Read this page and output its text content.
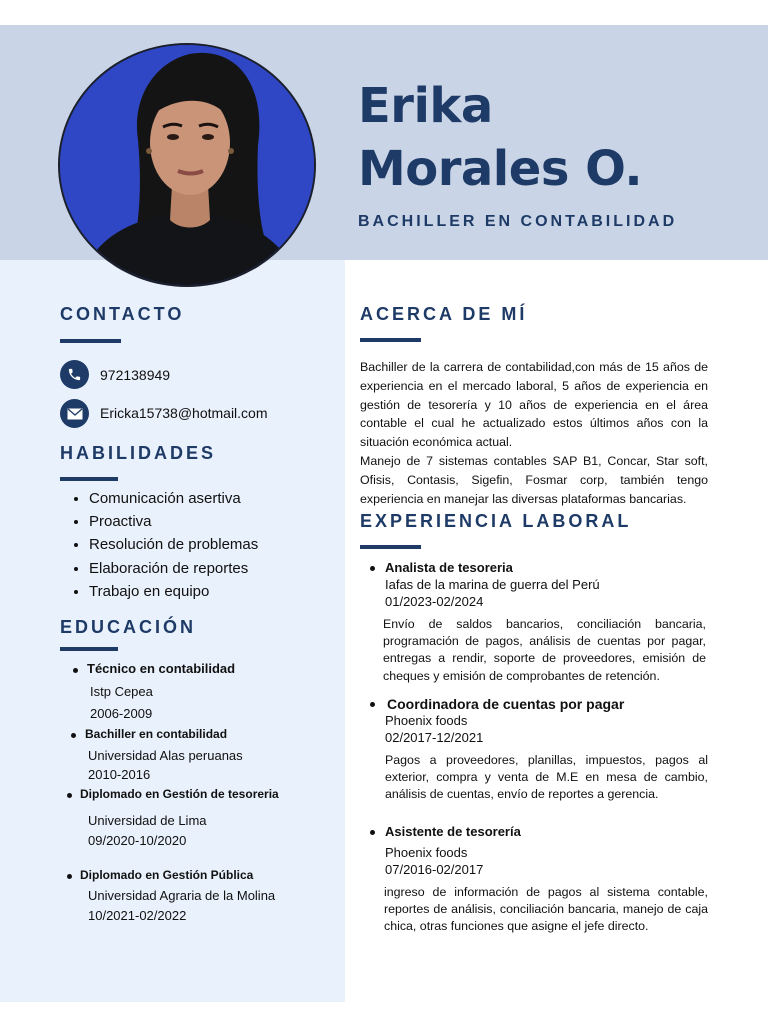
Erika
Morales O.
BACHILLER EN CONTABILIDAD
CONTACTO
972138949
Ericka15738@hotmail.com
HABILIDADES
• Comunicación asertiva
• Proactiva
• Resolución de problemas
• Elaboración de reportes
• Trabajo en equipo
EDUCACIÓN
Técnico en contabilidad
Istp Cepea
2006-2009
Bachiller en contabilidad
Universidad Alas peruanas
2010-2016
Diplomado en Gestión de tesoreria
Universidad de Lima
09/2020-10/2020
Diplomado en Gestión Pública
Universidad Agraria de la Molina
10/2021-02/2022
ACERCA DE MÍ
Bachiller de la carrera de contabilidad,con más de 15 años de experiencia en el mercado laboral, 5 años de experiencia en gestión de tesorería y 10 años de experiencia en el área contable el cual he actualizado estos últimos años con la situación económica actual.
Manejo de 7 sistemas contables SAP B1, Concar, Star soft, Ofisis, Contasis, Sigefin, Fosmar corp, también tengo experiencia en manejar las diversas plataformas bancarias.
EXPERIENCIA LABORAL
Analista de tesoreria
Iafas de la marina de guerra del Perú
01/2023-02/2024
Envío de saldos bancarios, conciliación bancaria, programación de pagos, análisis de cuentas por pagar, entregas a rendir, soporte de proveedores, emisión de cheques y emisión de comprobantes de retención.
Coordinadora de cuentas por pagar
Phoenix foods
02/2017-12/2021
Pagos a proveedores, planillas, impuestos, pagos al exterior, compra y venta de M.E en mesa de cambio, análisis de cuentas, envío de reportes a gerencia.
Asistente de tesorería
Phoenix foods
07/2016-02/2017
ingreso de información de pagos al sistema contable, reportes de análisis, conciliación bancaria, manejo de caja chica, otras funciones que asigne el jefe directo.
